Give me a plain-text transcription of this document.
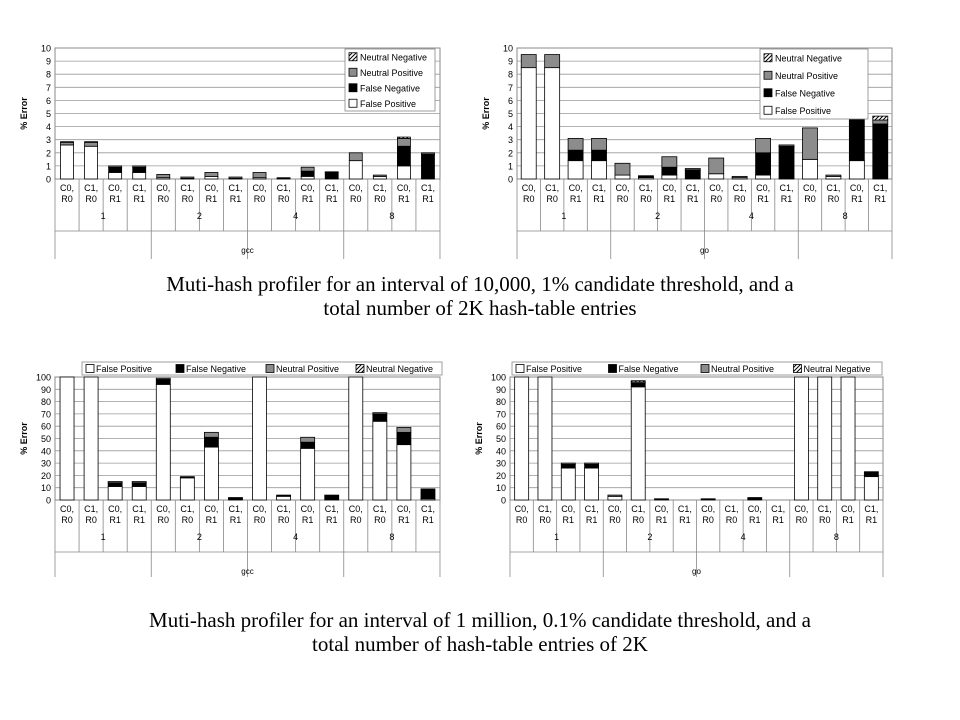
0
1
2
3
4
5
6
7
8
9
10
% Error
C0,
R0
C1,
R0
C0,
R1
C1,
R1
C0,
R0
C1,
R0
C0,
R1
C1,
R1
C0,
R0
C1,
R0
C0,
R1
C1,
R1
C0,
R0
C1,
R0
C0,
R1
C1,
R1
1	2	4	8
gcc
Neutral Negative
Neutral Positive
False Negative
False Positive
0
1
2
3
4
5
6
7
8
9
10
% Error
C0,
R0
C1,
R0
C0,
R1
C1,
R1
C0,
R0
C1,
R0
C0,
R1
C1,
R1
C0,
R0
C1,
R0
C0,
R1
C1,
R1
C0,
R0
C1,
R0
C0,
R1
C1,
R1
1	2	4	8
go
Neutral Negative
Neutral Positive
False Negative
False Positive
Muti-hash profiler for an interval of 10,000, 1% candidate threshold, and a
total number of 2K hash-table entries
0
10
20
30
40
50
60
70
80
90
100
% Error
C0,
R0
C1,
R0
C0,
R1
C1,
R1
C0,
R0
C1,
R0
C0,
R1
C1,
R1
C0,
R0
C1,
R0
C0,
R1
C1,
R1
C0,
R0
C1,
R0
C0,
R1
C1,
R1
1	2	4	8
gcc
False Positive	False Negative	Neutral Positive	Neutral Negative
0
10
20
30
40
50
60
70
80
90
100
% Error
C0,
R0
C1,
R0
C0,
R1
C1,
R1
C0,
R0
C1,
R0
C0,
R1
C1,
R1
C0,
R0
C1,
R0
C0,
R1
C1,
R1
C0,
R0
C1,
R0
C0,
R1
C1,
R1
1	2	4	8
go
False Positive	False Negative	Neutral Positive	Neutral Negative
Muti-hash profiler for an interval of 1 million, 0.1% candidate threshold, and a
total number of hash-table entries of 2K
